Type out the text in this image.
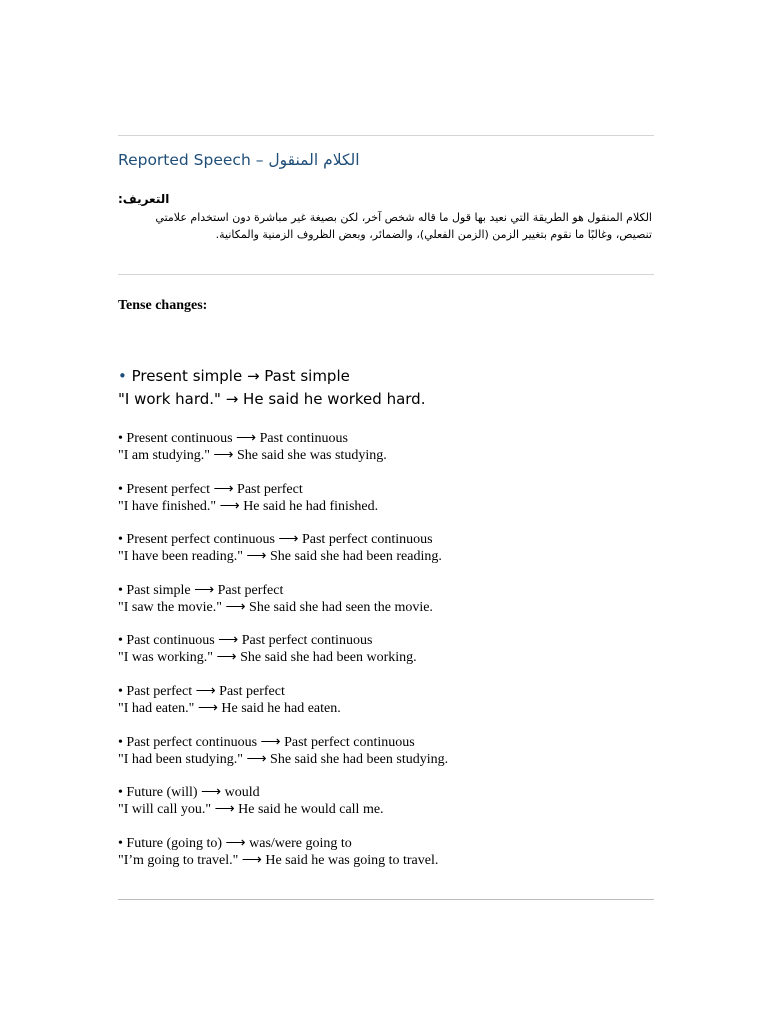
Reported Speech – الكلام المنقول
التعريف:
الكلام المنقول هو الطريقة التي نعيد بها قول ما قاله شخص آخر، لكن بصيغة غير مباشرة دون استخدام علامتي تنصيص، وغالبًا ما نقوم بتغيير الزمن (الزمن الفعلي)، والضمائر، وبعض الظروف الزمنية والمكانية.
Tense changes:
• Present simple → Past simple
"I work hard." → He said he worked hard.
• Present continuous ⟶ Past continuous
"I am studying." ⟶ She said she was studying.
• Present perfect ⟶ Past perfect
"I have finished." ⟶ He said he had finished.
• Present perfect continuous ⟶ Past perfect continuous
"I have been reading." ⟶ She said she had been reading.
• Past simple ⟶ Past perfect
"I saw the movie." ⟶ She said she had seen the movie.
• Past continuous ⟶ Past perfect continuous
"I was working." ⟶ She said she had been working.
• Past perfect ⟶ Past perfect
"I had eaten." ⟶ He said he had eaten.
• Past perfect continuous ⟶ Past perfect continuous
"I had been studying." ⟶ She said she had been studying.
• Future (will) ⟶ would
"I will call you." ⟶ He said he would call me.
• Future (going to) ⟶ was/were going to
"I’m going to travel." ⟶ He said he was going to travel.
